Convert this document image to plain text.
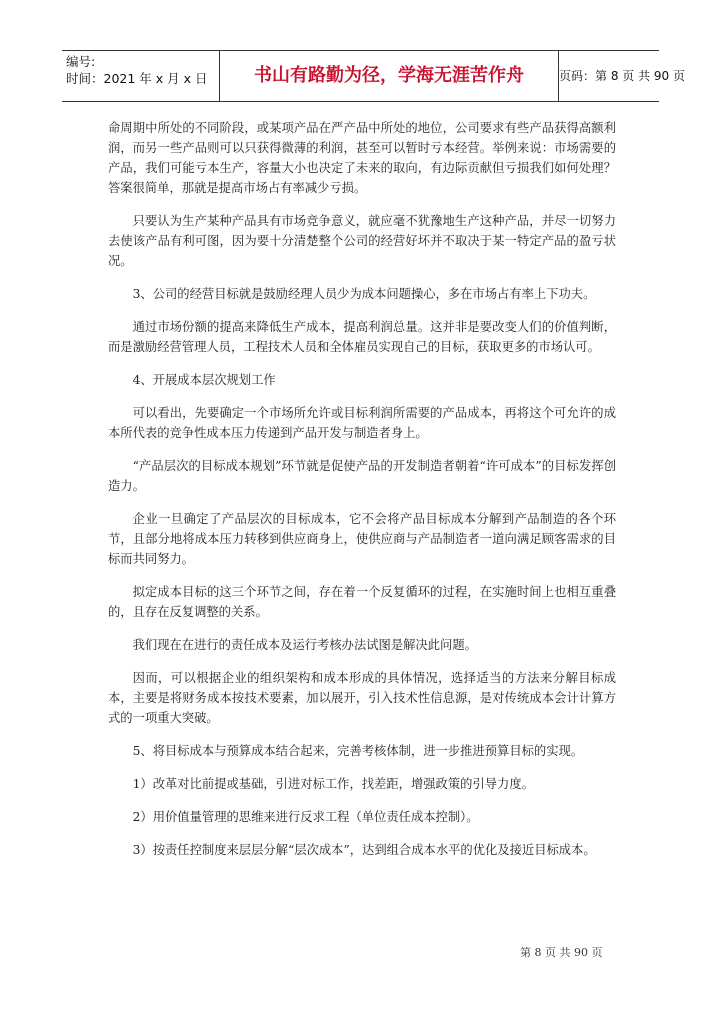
编号:
时间：2021 年 x 月 x 日	书山有路勤为径，学海无涯苦作舟	页码：第 8 页 共 90 页

命周期中所处的不同阶段，或某项产品在严产品中所处的地位，公司要求有些产品获得高额利润，而另一些产品则可以只获得微薄的利润，甚至可以暂时亏本经营。举例来说：市场需要的产品，我们可能亏本生产，容量大小也决定了未来的取向，有边际贡献但亏损我们如何处理？答案很简单，那就是提高市场占有率减少亏损。

只要认为生产某种产品具有市场竞争意义，就应毫不犹豫地生产这种产品，并尽一切努力去使该产品有利可图，因为要十分清楚整个公司的经营好坏并不取决于某一特定产品的盈亏状况。

3、公司的经营目标就是鼓励经理人员少为成本问题操心，多在市场占有率上下功夫。

通过市场份额的提高来降低生产成本，提高利润总量。这并非是要改变人们的价值判断，而是激励经营管理人员，工程技术人员和全体雇员实现自己的目标，获取更多的市场认可。

4、开展成本层次规划工作

可以看出，先要确定一个市场所允许或目标利润所需要的产品成本，再将这个可允许的成本所代表的竞争性成本压力传递到产品开发与制造者身上。

“产品层次的目标成本规划”环节就是促使产品的开发制造者朝着“许可成本”的目标发挥创造力。

企业一旦确定了产品层次的目标成本，它不会将产品目标成本分解到产品制造的各个环节，且部分地将成本压力转移到供应商身上，使供应商与产品制造者一道向满足顾客需求的目标而共同努力。

拟定成本目标的这三个环节之间，存在着一个反复循环的过程，在实施时间上也相互重叠的，且存在反复调整的关系。

我们现在在进行的责任成本及运行考核办法试图是解决此问题。

因而，可以根据企业的组织架构和成本形成的具体情况，选择适当的方法来分解目标成本，主要是将财务成本按技术要素，加以展开，引入技术性信息源，是对传统成本会计计算方式的一项重大突破。

5、将目标成本与预算成本结合起来，完善考核体制，进一步推进预算目标的实现。

1）改革对比前提或基础，引进对标工作，找差距，增强政策的引导力度。

2）用价值量管理的思维来进行反求工程（单位责任成本控制）。

3）按责任控制度来层层分解“层次成本”，达到组合成本水平的优化及接近目标成本。

第 8 页 共 90 页
